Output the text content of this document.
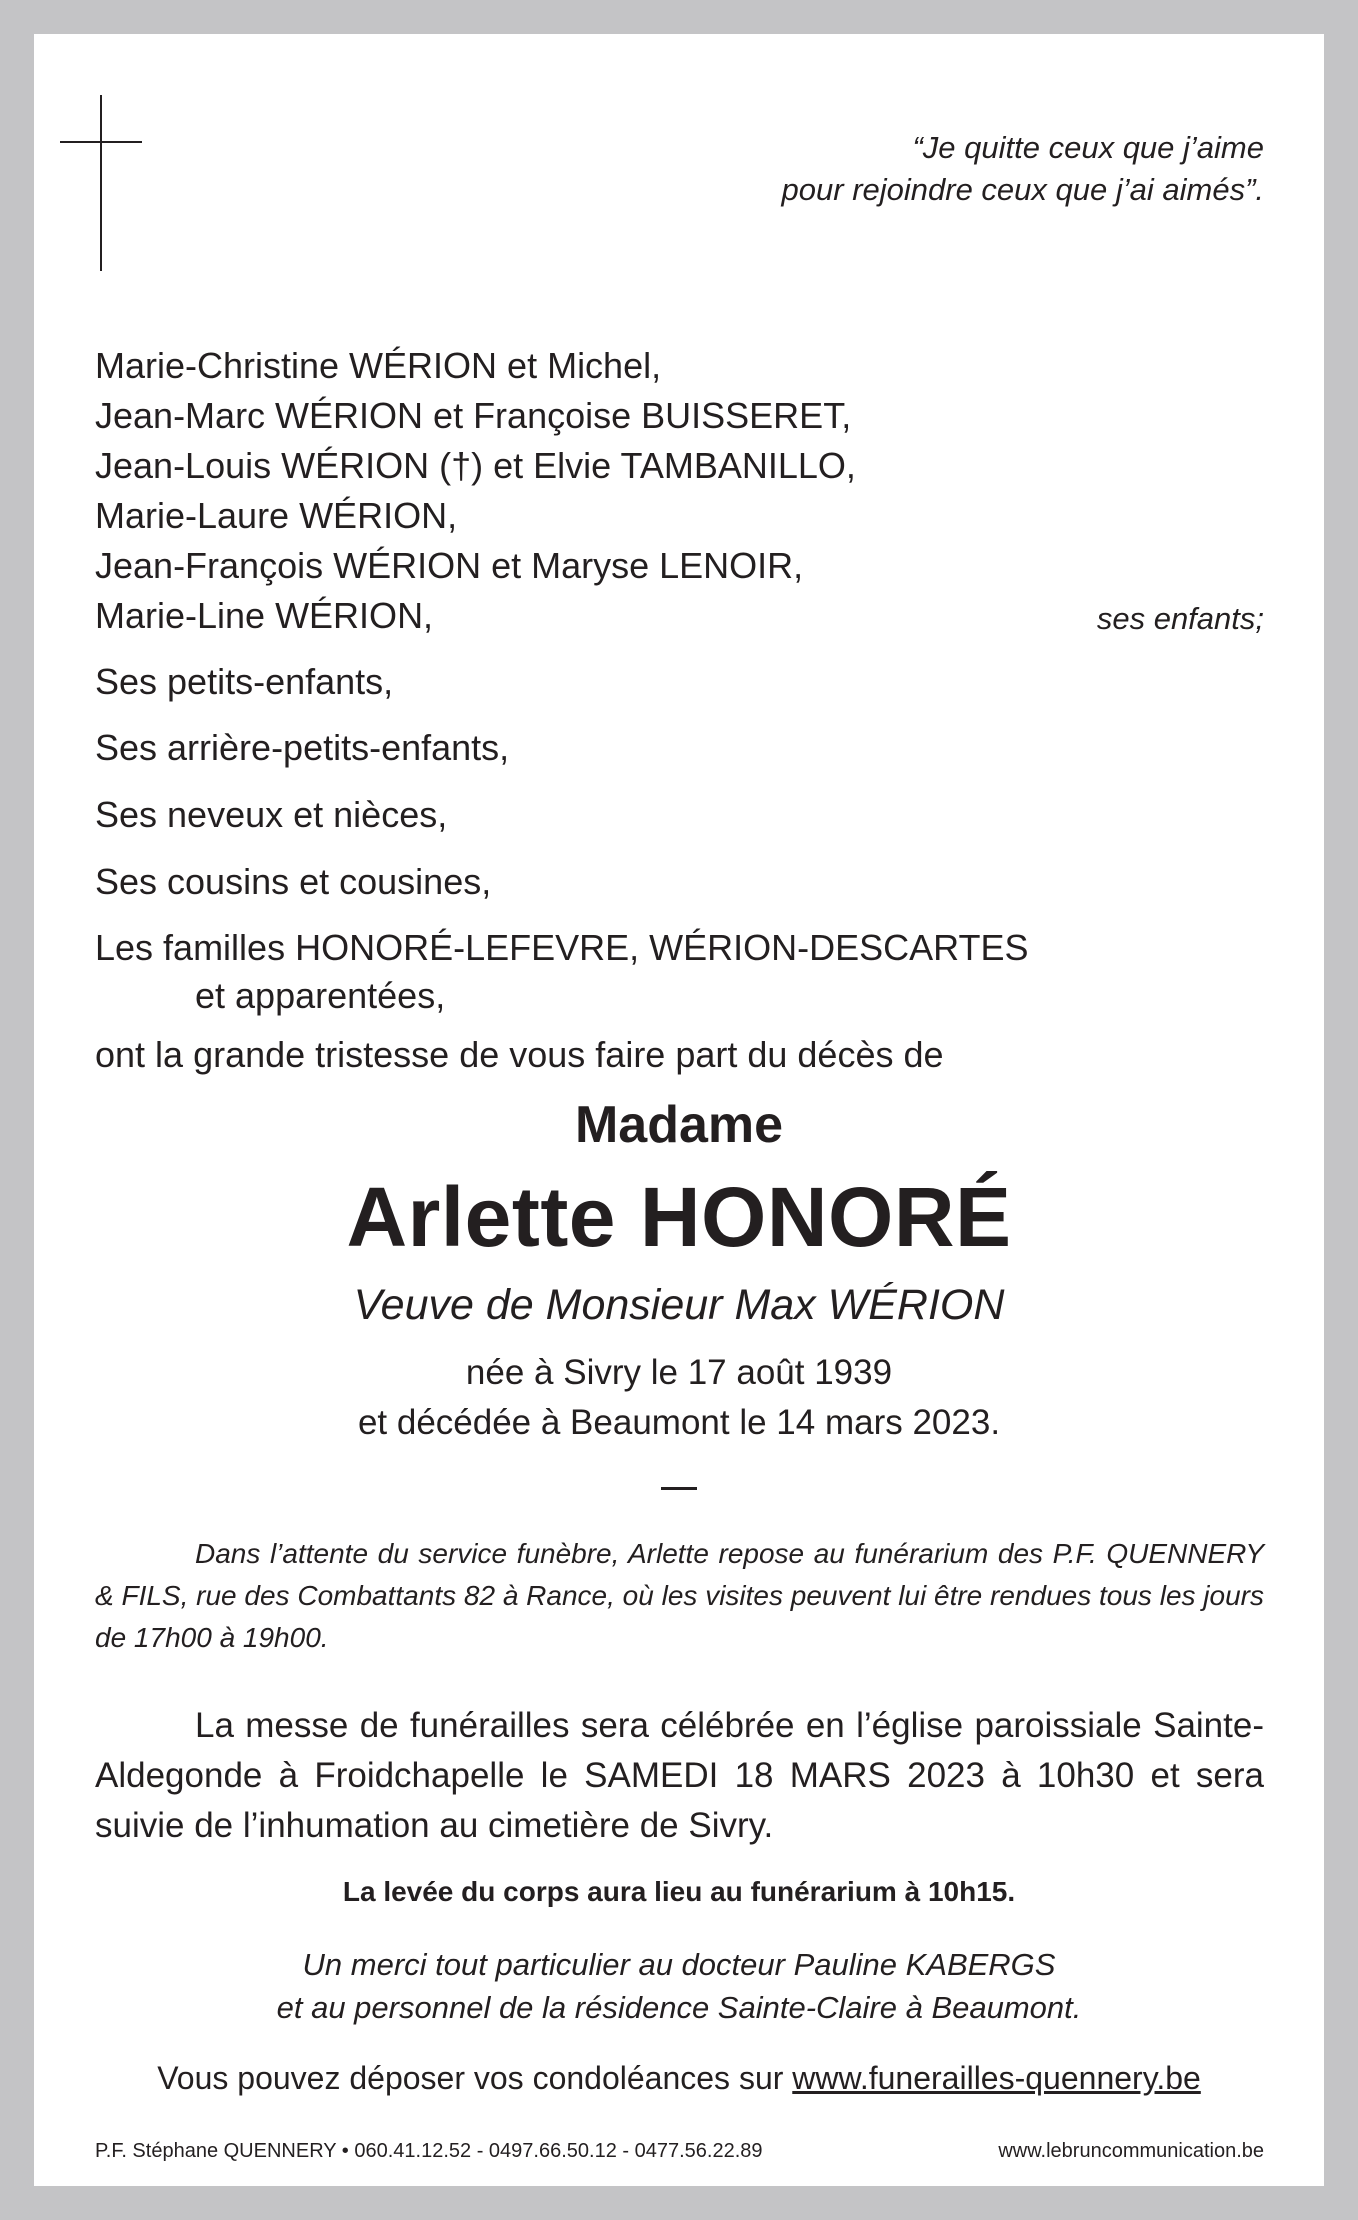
“Je quitte ceux que j’aime
pour rejoindre ceux que j’ai aimés”.
Marie-Christine WÉRION et Michel,
Jean-Marc WÉRION et Françoise BUISSERET,
Jean-Louis WÉRION (†) et Elvie TAMBANILLO,
Marie-Laure WÉRION,
Jean-François WÉRION et Maryse LENOIR,
Marie-Line WÉRION,	ses enfants;
Ses petits-enfants,
Ses arrière-petits-enfants,
Ses neveux et nièces,
Ses cousins et cousines,
Les familles HONORÉ-LEFEVRE, WÉRION-DESCARTES
et apparentées,
ont la grande tristesse de vous faire part du décès de
Madame
Arlette HONORÉ
Veuve de Monsieur Max WÉRION
née à Sivry le 17 août 1939
et décédée à Beaumont le 14 mars 2023.
Dans l’attente du service funèbre, Arlette repose au funérarium des P.F. QUENNERY & FILS, rue des Combattants 82 à Rance, où les visites peuvent lui être rendues tous les jours de 17h00 à 19h00.
La messe de funérailles sera célébrée en l’église paroissiale Sainte-Aldegonde à Froidchapelle le SAMEDI 18 MARS 2023 à 10h30 et sera suivie de l’inhumation au cimetière de Sivry.
La levée du corps aura lieu au funérarium à 10h15.
Un merci tout particulier au docteur Pauline KABERGS
et au personnel de la résidence Sainte-Claire à Beaumont.
Vous pouvez déposer vos condoléances sur www.funerailles-quennery.be
P.F. Stéphane QUENNERY • 060.41.12.52 - 0497.66.50.12 - 0477.56.22.89	www.lebruncommunication.be
